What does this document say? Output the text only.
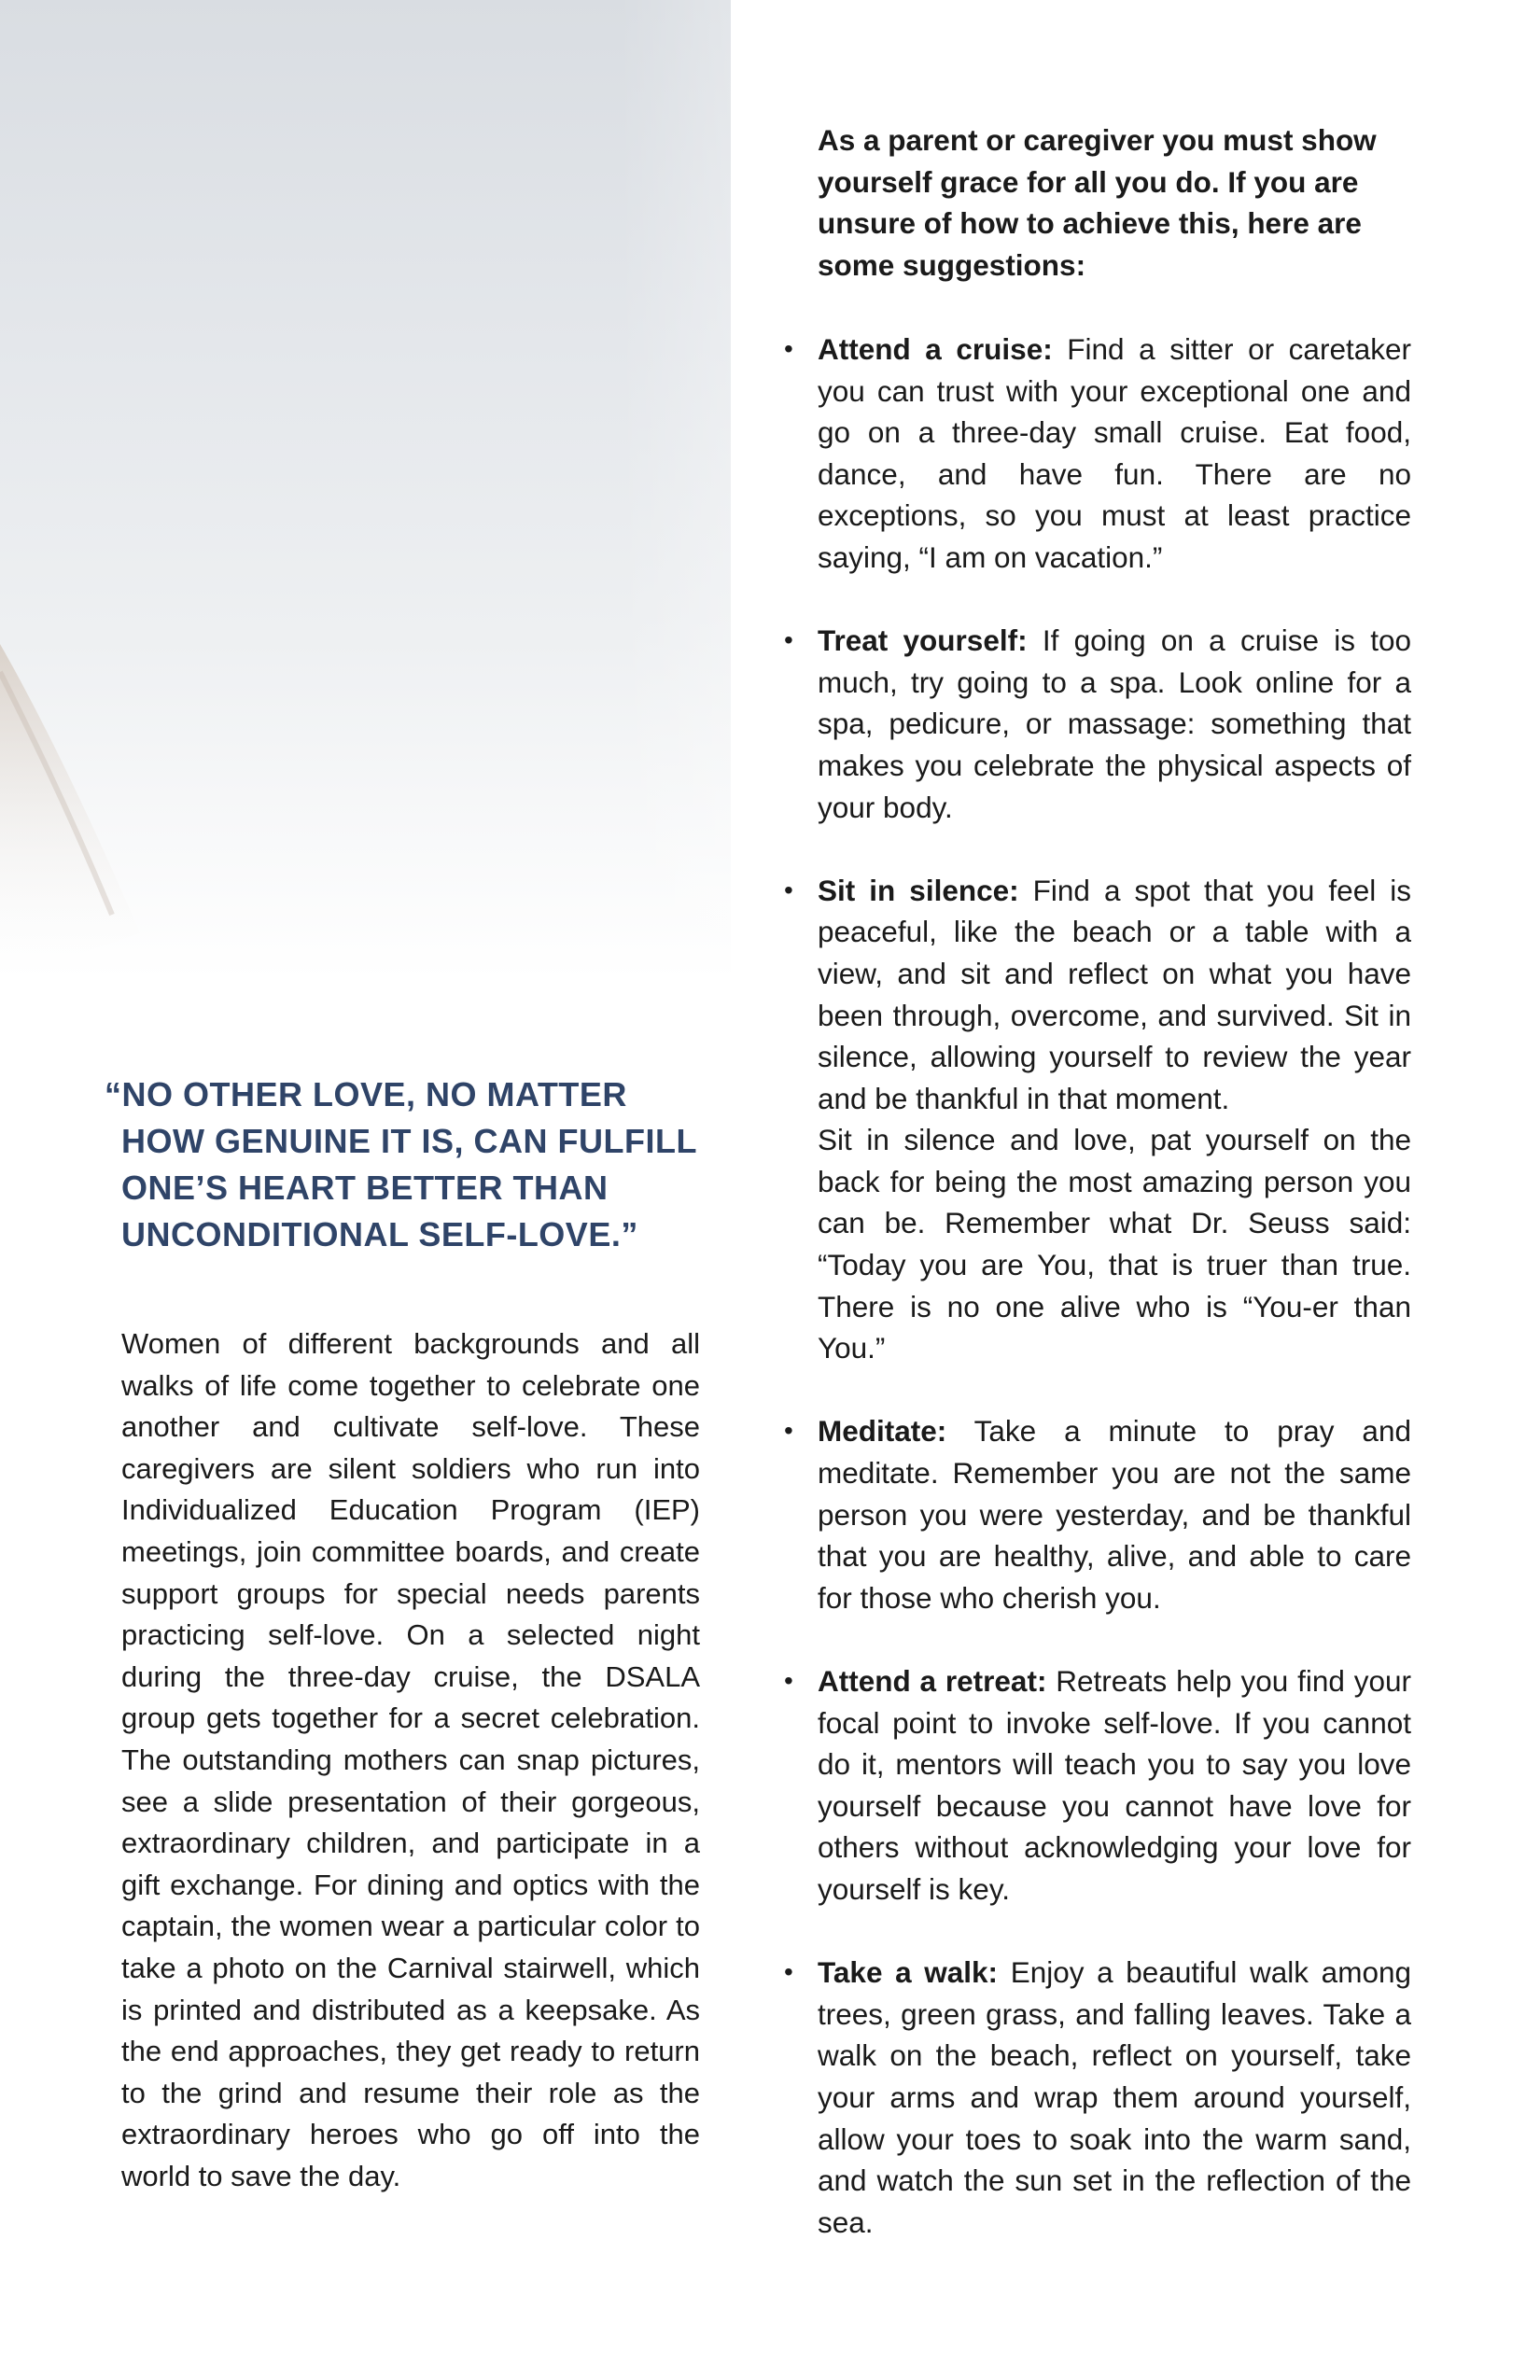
“NO OTHER LOVE, NO MATTER HOW GENUINE IT IS, CAN FULFILL ONE’S HEART BETTER THAN UNCONDITIONAL SELF-LOVE.”

Women of different backgrounds and all walks of life come together to celebrate one another and cultivate self-love. These caregivers are silent soldiers who run into Individualized Education Program (IEP) meetings, join committee boards, and create support groups for special needs parents practicing self-love. On a selected night during the three-day cruise, the DSALA group gets together for a secret celebration. The outstanding mothers can snap pictures, see a slide presentation of their gorgeous, extraordinary children, and participate in a gift exchange. For dining and optics with the captain, the women wear a particular color to take a photo on the Carnival stairwell, which is printed and distributed as a keepsake. As the end approaches, they get ready to return to the grind and resume their role as the extraordinary heroes who go off into the world to save the day.

As a parent or caregiver you must show yourself grace for all you do. If you are unsure of how to achieve this, here are some suggestions:

• Attend a cruise: Find a sitter or caretaker you can trust with your exceptional one and go on a three-day small cruise. Eat food, dance, and have fun. There are no exceptions, so you must at least practice saying, “I am on vacation.”
• Treat yourself: If going on a cruise is too much, try going to a spa. Look online for a spa, pedicure, or massage: something that makes you celebrate the physical aspects of your body.
• Sit in silence: Find a spot that you feel is peaceful, like the beach or a table with a view, and sit and reflect on what you have been through, overcome, and survived. Sit in silence, allowing yourself to review the year and be thankful in that moment.
Sit in silence and love, pat yourself on the back for being the most amazing person you can be. Remember what Dr. Seuss said: “Today you are You, that is truer than true. There is no one alive who is “You-er than You.”
• Meditate: Take a minute to pray and meditate. Remember you are not the same person you were yesterday, and be thankful that you are healthy, alive, and able to care for those who cherish you.
• Attend a retreat: Retreats help you find your focal point to invoke self-love. If you cannot do it, mentors will teach you to say you love yourself because you cannot have love for others without acknowledging your love for yourself is key.
• Take a walk: Enjoy a beautiful walk among trees, green grass, and falling leaves. Take a walk on the beach, reflect on yourself, take your arms and wrap them around yourself, allow your toes to soak into the warm sand, and watch the sun set in the reflection of the sea.
